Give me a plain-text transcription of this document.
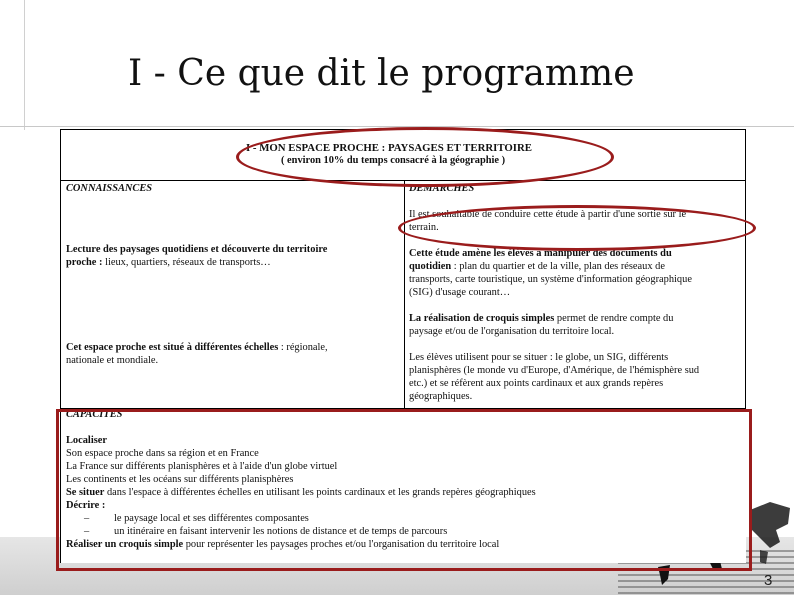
I - Ce que dit le programme
3
I - MON ESPACE PROCHE : PAYSAGES ET TERRITOIRE
( environ 10% du temps consacré à la géographie )
CONNAISSANCES
Lecture des paysages quotidiens et découverte du territoire
proche : lieux, quartiers, réseaux de transports…
Cet espace proche est situé à différentes échelles : régionale,
nationale et mondiale.
DEMARCHES
Il est souhaitable de conduire cette étude à partir d'une sortie sur le
terrain.
Cette étude amène les élèves à manipuler des documents du
quotidien : plan du quartier et de la ville, plan des réseaux de
transports, carte touristique, un système d'information géographique
(SIG) d'usage courant…
La réalisation de croquis simples permet de rendre compte du
paysage et/ou de l'organisation du territoire local.
Les élèves utilisent pour se situer : le globe, un SIG, différents
planisphères (le monde vu d'Europe, d'Amérique, de l'hémisphère sud
etc.) et se réfèrent aux points cardinaux et aux grands repères
géographiques.
CAPACITES
Localiser
Son espace proche dans sa région et en France
La France sur différents planisphères et à l'aide d'un globe virtuel
Les continents et les océans sur différents planisphères
Se situer dans l'espace à différentes échelles en utilisant les points cardinaux et les grands repères géographiques
Décrire :
– le paysage local et ses différentes composantes
– un itinéraire en faisant intervenir les notions de distance et de temps de parcours
Réaliser un croquis simple pour représenter les paysages proches et/ou l'organisation du territoire local
